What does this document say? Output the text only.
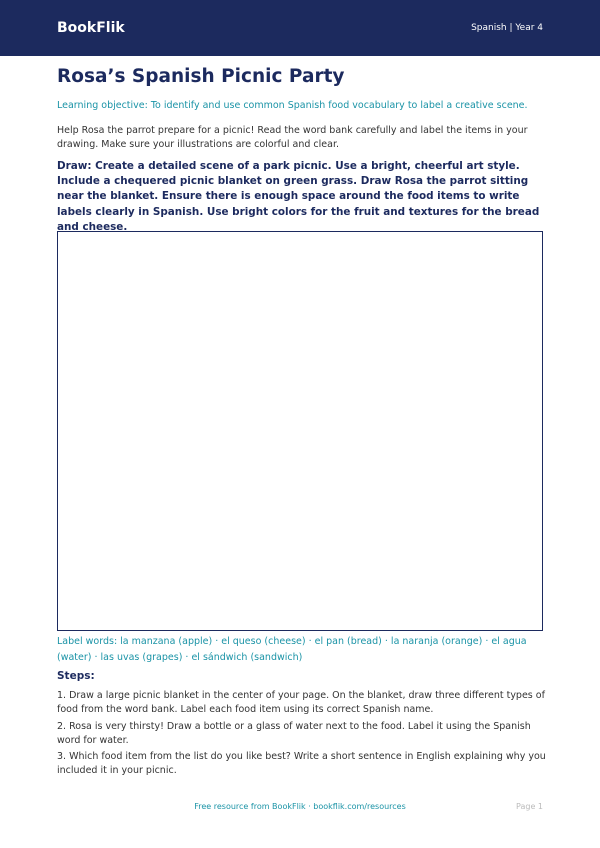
BookFlik	Spanish | Year 4
Rosa’s Spanish Picnic Party
Learning objective: To identify and use common Spanish food vocabulary to label a creative scene.
Help Rosa the parrot prepare for a picnic! Read the word bank carefully and label the items in your drawing. Make sure your illustrations are colorful and clear.
Draw: Create a detailed scene of a park picnic. Use a bright, cheerful art style. Include a chequered picnic blanket on green grass. Draw Rosa the parrot sitting near the blanket. Ensure there is enough space around the food items to write labels clearly in Spanish. Use bright colors for the fruit and textures for the bread and cheese.
Label words: la manzana (apple) · el queso (cheese) · el pan (bread) · la naranja (orange) · el agua (water) · las uvas (grapes) · el sándwich (sandwich)
Steps:
1. Draw a large picnic blanket in the center of your page. On the blanket, draw three different types of food from the word bank. Label each food item using its correct Spanish name.
2. Rosa is very thirsty! Draw a bottle or a glass of water next to the food. Label it using the Spanish word for water.
3. Which food item from the list do you like best? Write a short sentence in English explaining why you included it in your picnic.
Free resource from BookFlik · bookflik.com/resources	Page 1
